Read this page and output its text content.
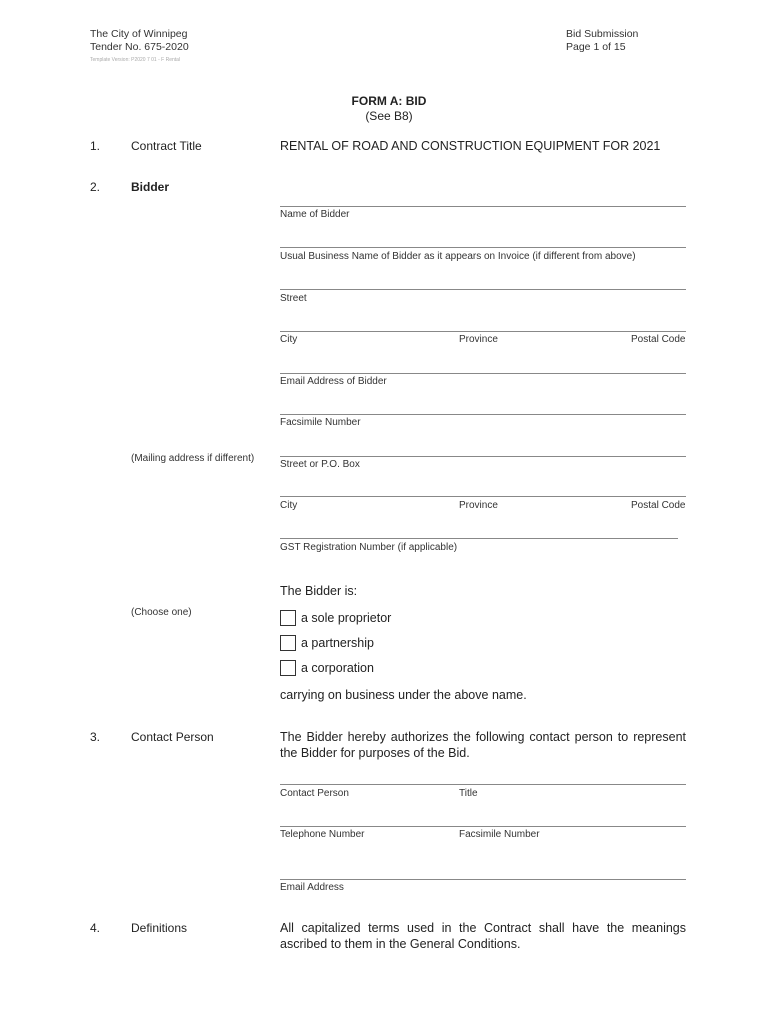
The City of Winnipeg
Tender No. 675-2020
Template Version: P2020 7 01 - F Rental
Bid Submission
Page 1 of 15
FORM A: BID
(See B8)
1.	Contract Title	RENTAL OF ROAD AND CONSTRUCTION EQUIPMENT FOR 2021
2.	Bidder
Name of Bidder
Usual Business Name of Bidder as it appears on Invoice (if different from above)
Street
City	Province	Postal Code
Email Address of Bidder
Facsimile Number
(Mailing address if different)
Street or P.O. Box
City	Province	Postal Code
GST Registration Number (if applicable)
The Bidder is:
(Choose one)	a sole proprietor
a partnership
a corporation
carrying on business under the above name.
3.	Contact Person	The Bidder hereby authorizes the following contact person to represent the Bidder for purposes of the Bid.
Contact Person	Title
Telephone Number	Facsimile Number
Email Address
4.	Definitions	All capitalized terms used in the Contract shall have the meanings ascribed to them in the General Conditions.
